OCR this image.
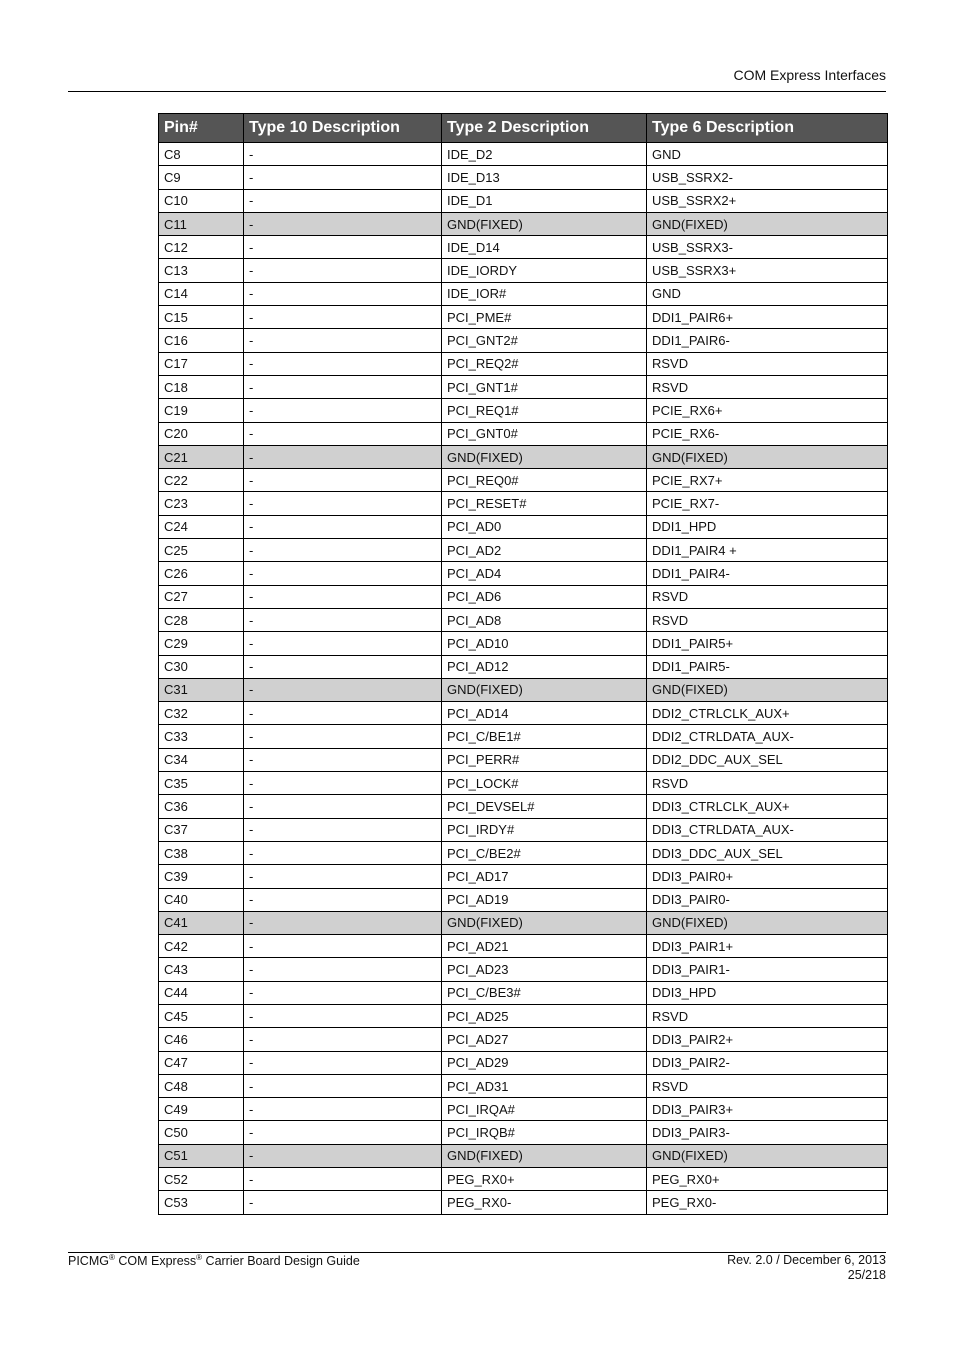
COM Express Interfaces
Pin#	Type 10 Description	Type 2 Description	Type 6 Description
C8	-	IDE_D2	GND
C9	-	IDE_D13	USB_SSRX2-
C10	-	IDE_D1	USB_SSRX2+
C11	-	GND(FIXED)	GND(FIXED)
C12	-	IDE_D14	USB_SSRX3-
C13	-	IDE_IORDY	USB_SSRX3+
C14	-	IDE_IOR#	GND
C15	-	PCI_PME#	DDI1_PAIR6+
C16	-	PCI_GNT2#	DDI1_PAIR6-
C17	-	PCI_REQ2#	RSVD
C18	-	PCI_GNT1#	RSVD
C19	-	PCI_REQ1#	PCIE_RX6+
C20	-	PCI_GNT0#	PCIE_RX6-
C21	-	GND(FIXED)	GND(FIXED)
C22	-	PCI_REQ0#	PCIE_RX7+
C23	-	PCI_RESET#	PCIE_RX7-
C24	-	PCI_AD0	DDI1_HPD
C25	-	PCI_AD2	DDI1_PAIR4 +
C26	-	PCI_AD4	DDI1_PAIR4-
C27	-	PCI_AD6	RSVD
C28	-	PCI_AD8	RSVD
C29	-	PCI_AD10	DDI1_PAIR5+
C30	-	PCI_AD12	DDI1_PAIR5-
C31	-	GND(FIXED)	GND(FIXED)
C32	-	PCI_AD14	DDI2_CTRLCLK_AUX+
C33	-	PCI_C/BE1#	DDI2_CTRLDATA_AUX-
C34	-	PCI_PERR#	DDI2_DDC_AUX_SEL
C35	-	PCI_LOCK#	RSVD
C36	-	PCI_DEVSEL#	DDI3_CTRLCLK_AUX+
C37	-	PCI_IRDY#	DDI3_CTRLDATA_AUX-
C38	-	PCI_C/BE2#	DDI3_DDC_AUX_SEL
C39	-	PCI_AD17	DDI3_PAIR0+
C40	-	PCI_AD19	DDI3_PAIR0-
C41	-	GND(FIXED)	GND(FIXED)
C42	-	PCI_AD21	DDI3_PAIR1+
C43	-	PCI_AD23	DDI3_PAIR1-
C44	-	PCI_C/BE3#	DDI3_HPD
C45	-	PCI_AD25	RSVD
C46	-	PCI_AD27	DDI3_PAIR2+
C47	-	PCI_AD29	DDI3_PAIR2-
C48	-	PCI_AD31	RSVD
C49	-	PCI_IRQA#	DDI3_PAIR3+
C50	-	PCI_IRQB#	DDI3_PAIR3-
C51	-	GND(FIXED)	GND(FIXED)
C52	-	PEG_RX0+	PEG_RX0+
C53	-	PEG_RX0-	PEG_RX0-
PICMG® COM Express® Carrier Board Design Guide	Rev. 2.0 / December 6, 2013
25/218
